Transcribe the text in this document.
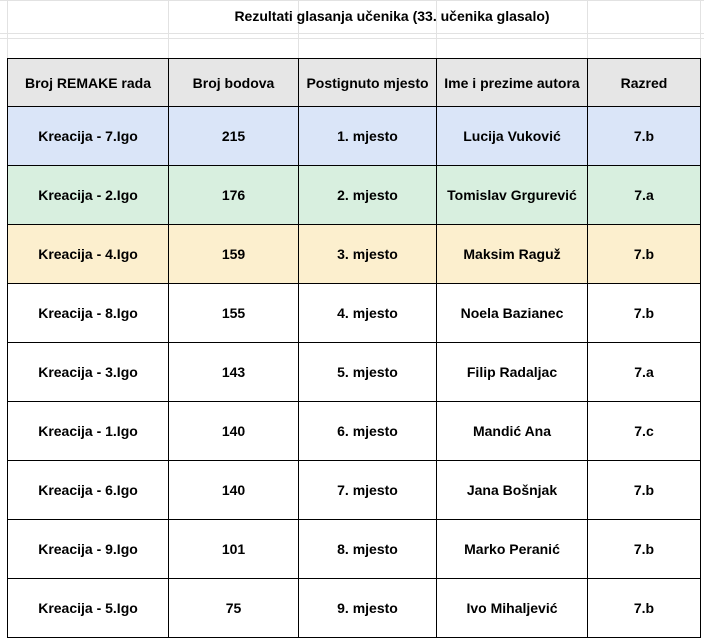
Rezultati glasanja učenika (33. učenika glasalo)
Broj REMAKE rada	Broj bodova	Postignuto mjesto	Ime i prezime autora	Razred
Kreacija - 7.Igo	215	1. mjesto	Lucija Vuković	7.b
Kreacija - 2.Igo	176	2. mjesto	Tomislav Grgurević	7.a
Kreacija - 4.Igo	159	3. mjesto	Maksim Raguž	7.b
Kreacija - 8.Igo	155	4. mjesto	Noela Bazianec	7.b
Kreacija - 3.Igo	143	5. mjesto	Filip Radaljac	7.a
Kreacija - 1.Igo	140	6. mjesto	Mandić Ana	7.c
Kreacija - 6.Igo	140	7. mjesto	Jana Bošnjak	7.b
Kreacija - 9.Igo	101	8. mjesto	Marko Peranić	7.b
Kreacija - 5.Igo	75	9. mjesto	Ivo Mihaljević	7.b
